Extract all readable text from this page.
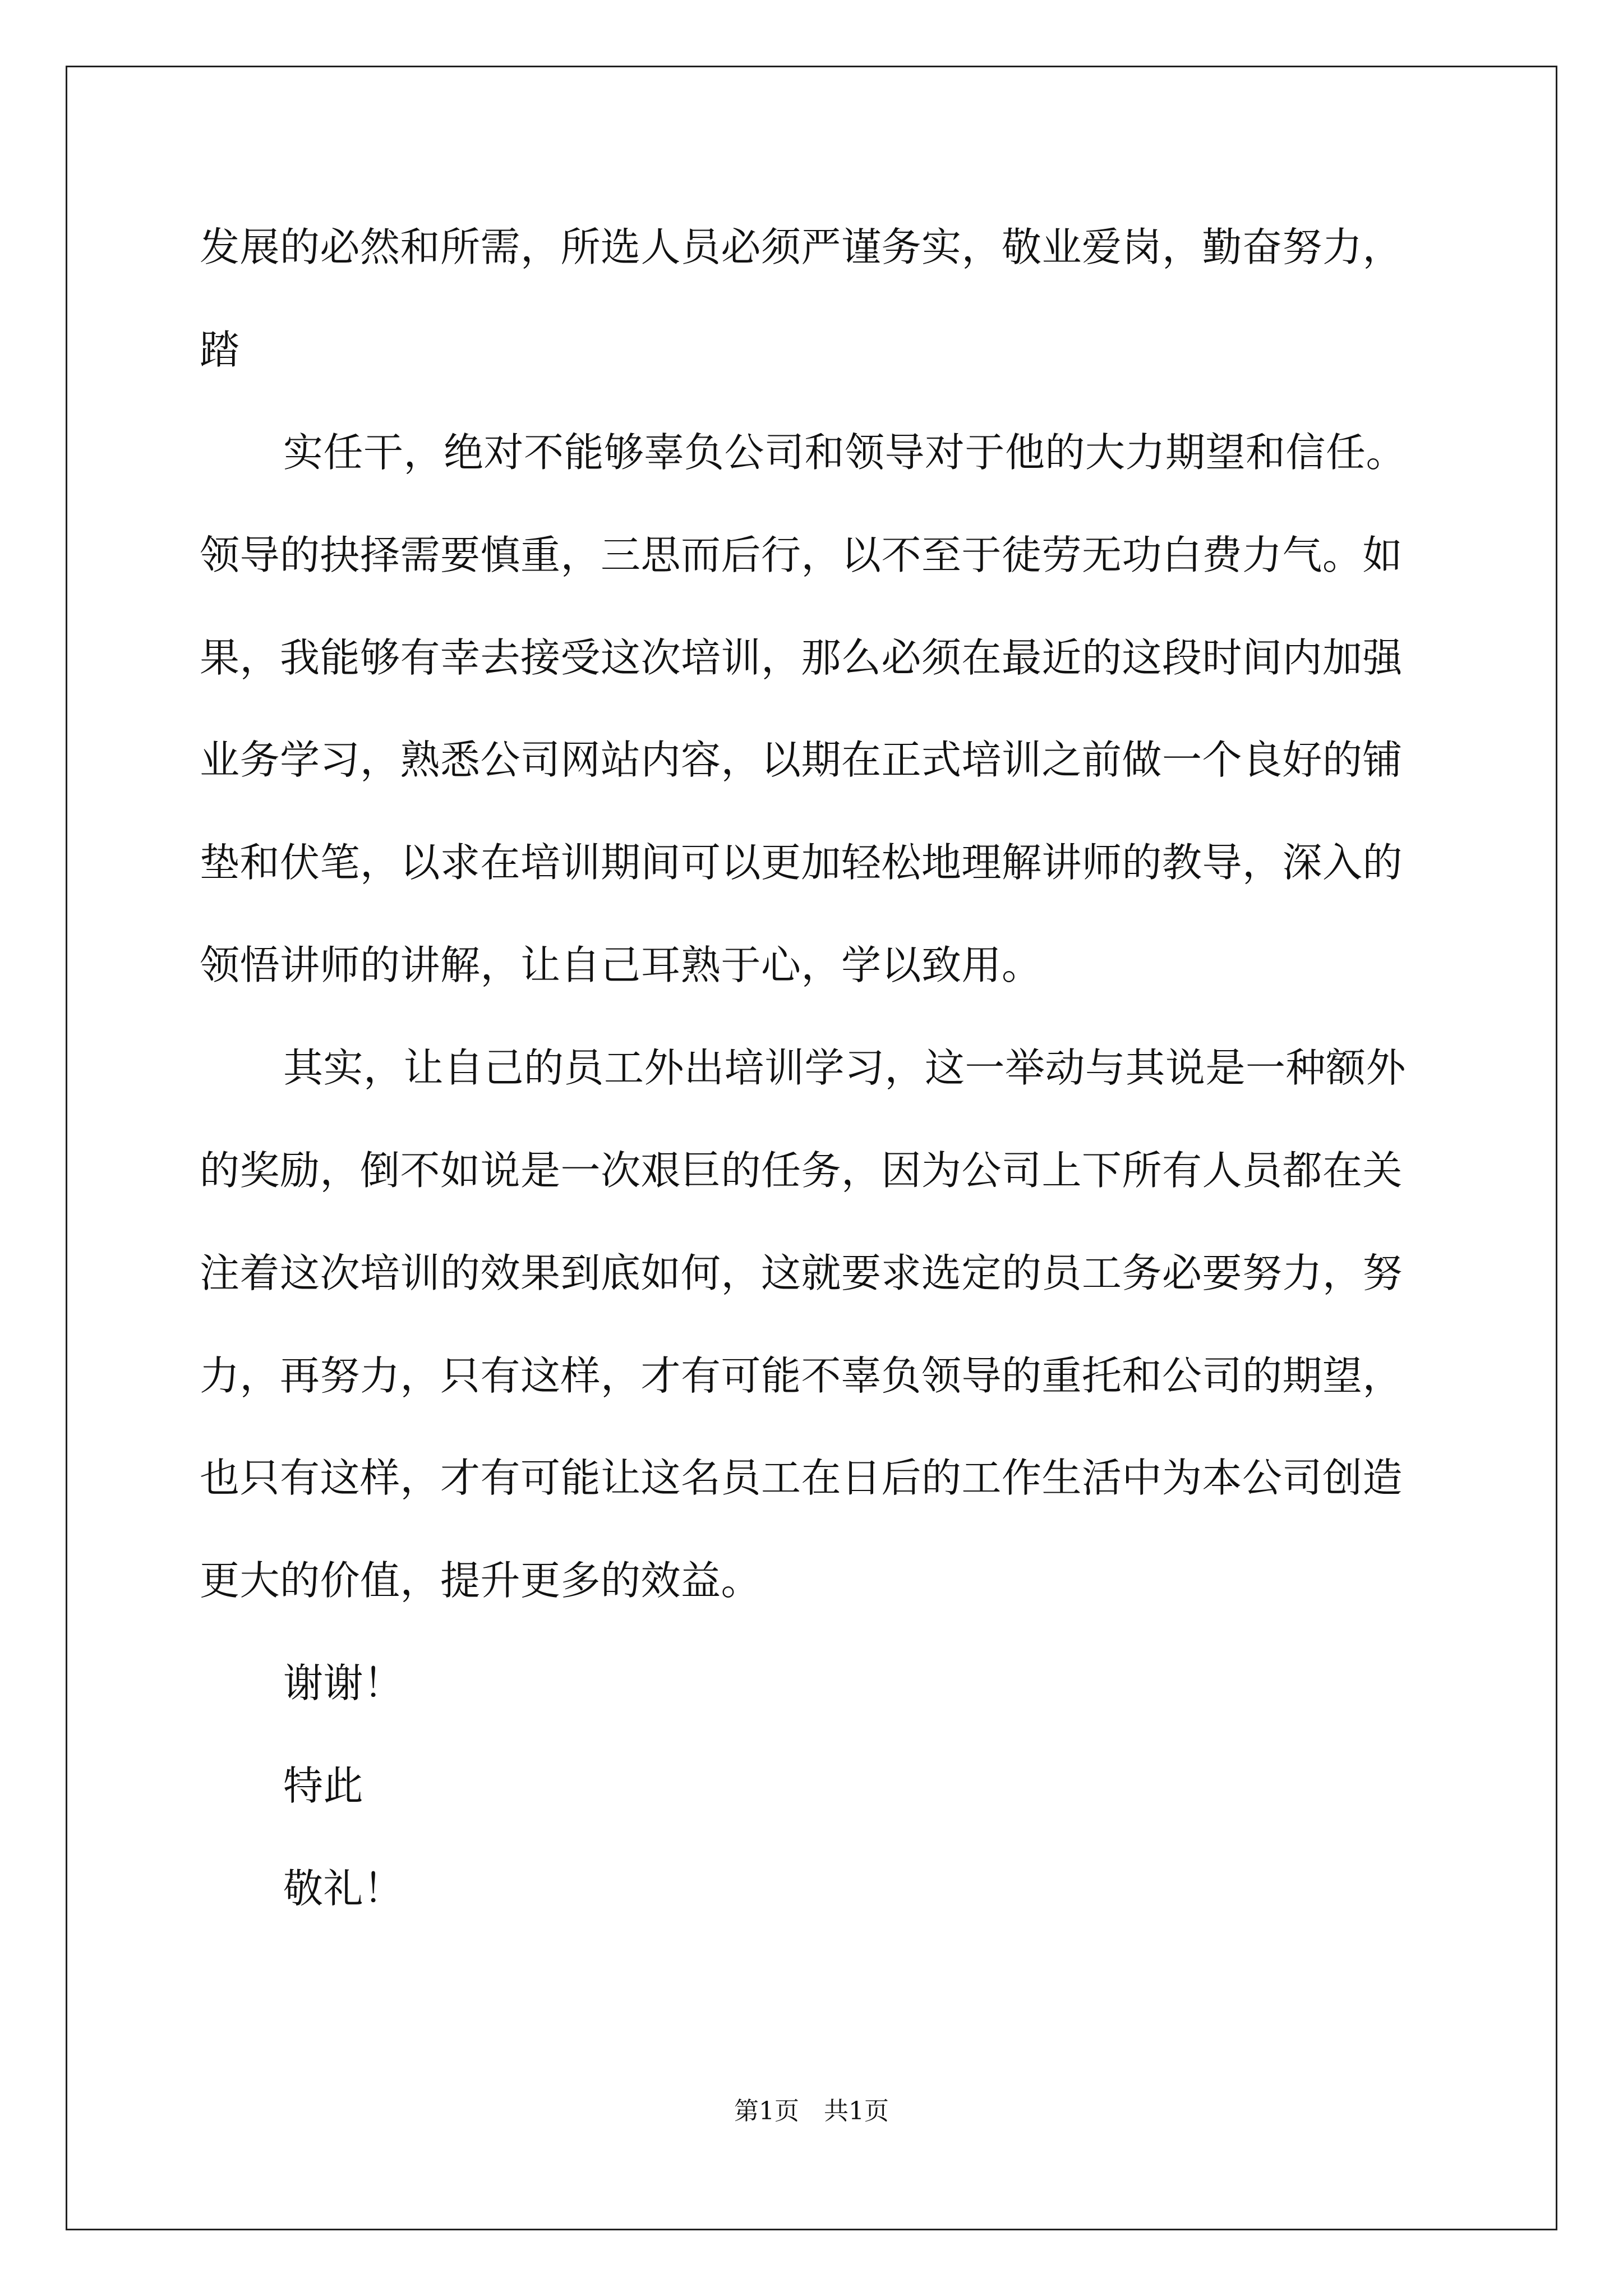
发展的必然和所需，所选人员必须严谨务实，敬业爱岗，勤奋努力，
踏
实任干，绝对不能够辜负公司和领导对于他的大力期望和信任。
领导的抉择需要慎重，三思而后行，以不至于徒劳无功白费力气。如
果，我能够有幸去接受这次培训，那么必须在最近的这段时间内加强
业务学习，熟悉公司网站内容，以期在正式培训之前做一个良好的铺
垫和伏笔，以求在培训期间可以更加轻松地理解讲师的教导，深入的
领悟讲师的讲解，让自己耳熟于心，学以致用。
其实，让自己的员工外出培训学习，这一举动与其说是一种额外
的奖励，倒不如说是一次艰巨的任务，因为公司上下所有人员都在关
注着这次培训的效果到底如何，这就要求选定的员工务必要努力，努
力，再努力，只有这样，才有可能不辜负领导的重托和公司的期望，
也只有这样，才有可能让这名员工在日后的工作生活中为本公司创造
更大的价值，提升更多的效益。
谢谢！
特此
敬礼！
第1页　共1页
